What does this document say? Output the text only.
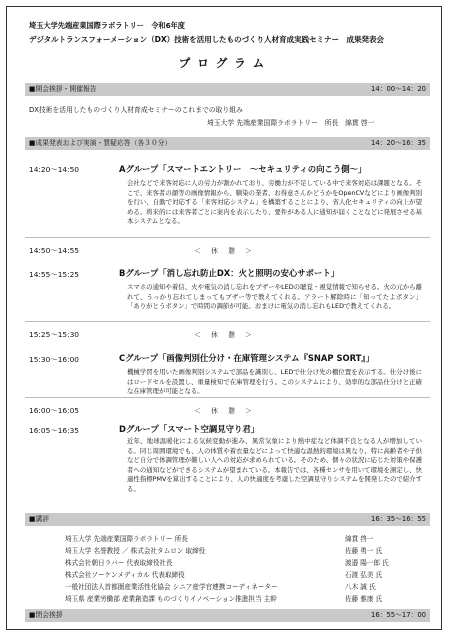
埼玉大学先端産業国際ラボラトリー　令和6年度
デジタルトランスフォーメーション（DX）技術を活用したものづくり人材育成実践セミナー　成果発表会
プログラム
■開会挨拶・開催報告	14：00～14：20
DX技術を活用したものづくり人材育成セミナーのこれまでの取り組み
埼玉大学 先端産業国際ラボラトリー　所長　綿貫 啓一
■成果発表および実演・質疑応答（各３０分）	14：20～16：35
14:20～14:50	Aグループ「スマートエントリー　～セキュリティの向こう側～」
会社などで来客対応に人の労力が割かれており、労働力が不足している中で来客対応は課題となる。そこで、来客者の顔等の画像情報から、馴染の業者、お得意さんかどうかをOpenCVなどにより画像判別を行い、自動で対応する「来客対応システム」を構築することにより、省人化セキュリティの向上が望める。将来的には来客者ごとに案内を表示したり、要件がある人に通知が届くことなどに発展させる基本システムとなる。
14:50～14:55	＜ 休 憩 ＞
14:55～15:25	Bグループ「消し忘れ防止DX：火と照明の安心サポート」
スマホの通知や着信、火や電気の消し忘れをブザーやLEDの聴覚・視覚情報で知らせる。火の元から離れて、うっかり忘れてしまってもブザー等で教えてくれる。アラート解除時に「知ってたよボタン」「ありがとうボタン」で時間の調節が可能。おまけに電気の消し忘れもLEDで教えてくれる。
15:25～15:30	＜ 休 憩 ＞
15:30～16:00	Cグループ「画像判別仕分け・在庫管理システム『SNAP SORT』」
機械学習を用いた画像判別システムで部品を識別し、LEDで仕分け先の棚位置を表示する。仕分け後にはロードセルを設置し、重量検知で在庫管理を行う。このシステムにより、効率的な部品仕分けと正確な在庫管理が可能となる。
16:00～16:05	＜ 休 憩 ＞
16:05～16:35	Dグループ「スマート空調見守り君」
近年、地球温暖化による気候変動が進み、異常気象により熱中症など体調不良となる人が増加している。同じ周囲環境でも、人の体質や着衣量などによって快適な温熱的環境は異なり、特に高齢者や子供など自分で体調管理が難しい人への対応が求められている。そのため、個々の状況に応じた対策や保護者への通知などができるシステムが望まれている。本報告では、各種センサを用いて環境を測定し、快適性指標PMVを算出することにより、人の快適度を考慮した空調見守りシステムを開発したので紹介する。
■講評	16：35～16：55
埼玉大学 先端産業国際ラボラトリー 所長	綿貫 啓一
埼玉大学 名誉教授 ／ 株式会社タムロン 取締役	佐藤 勇一 氏
株式会社朝日ラバー 代表取締役社長	渡邉 陽一郎 氏
株式会社ソーケンメディカル 代表取締役	石渡 弘美 氏
一般社団法人首都圏産業活性化協会 シニア産学官連携コーディネーター	八木 誠 氏
埼玉県 産業労働部 産業創造課 ものづくりイノベーション推進担当 主幹	佐藤 雅康 氏
■閉会挨拶	16：55～17：00
